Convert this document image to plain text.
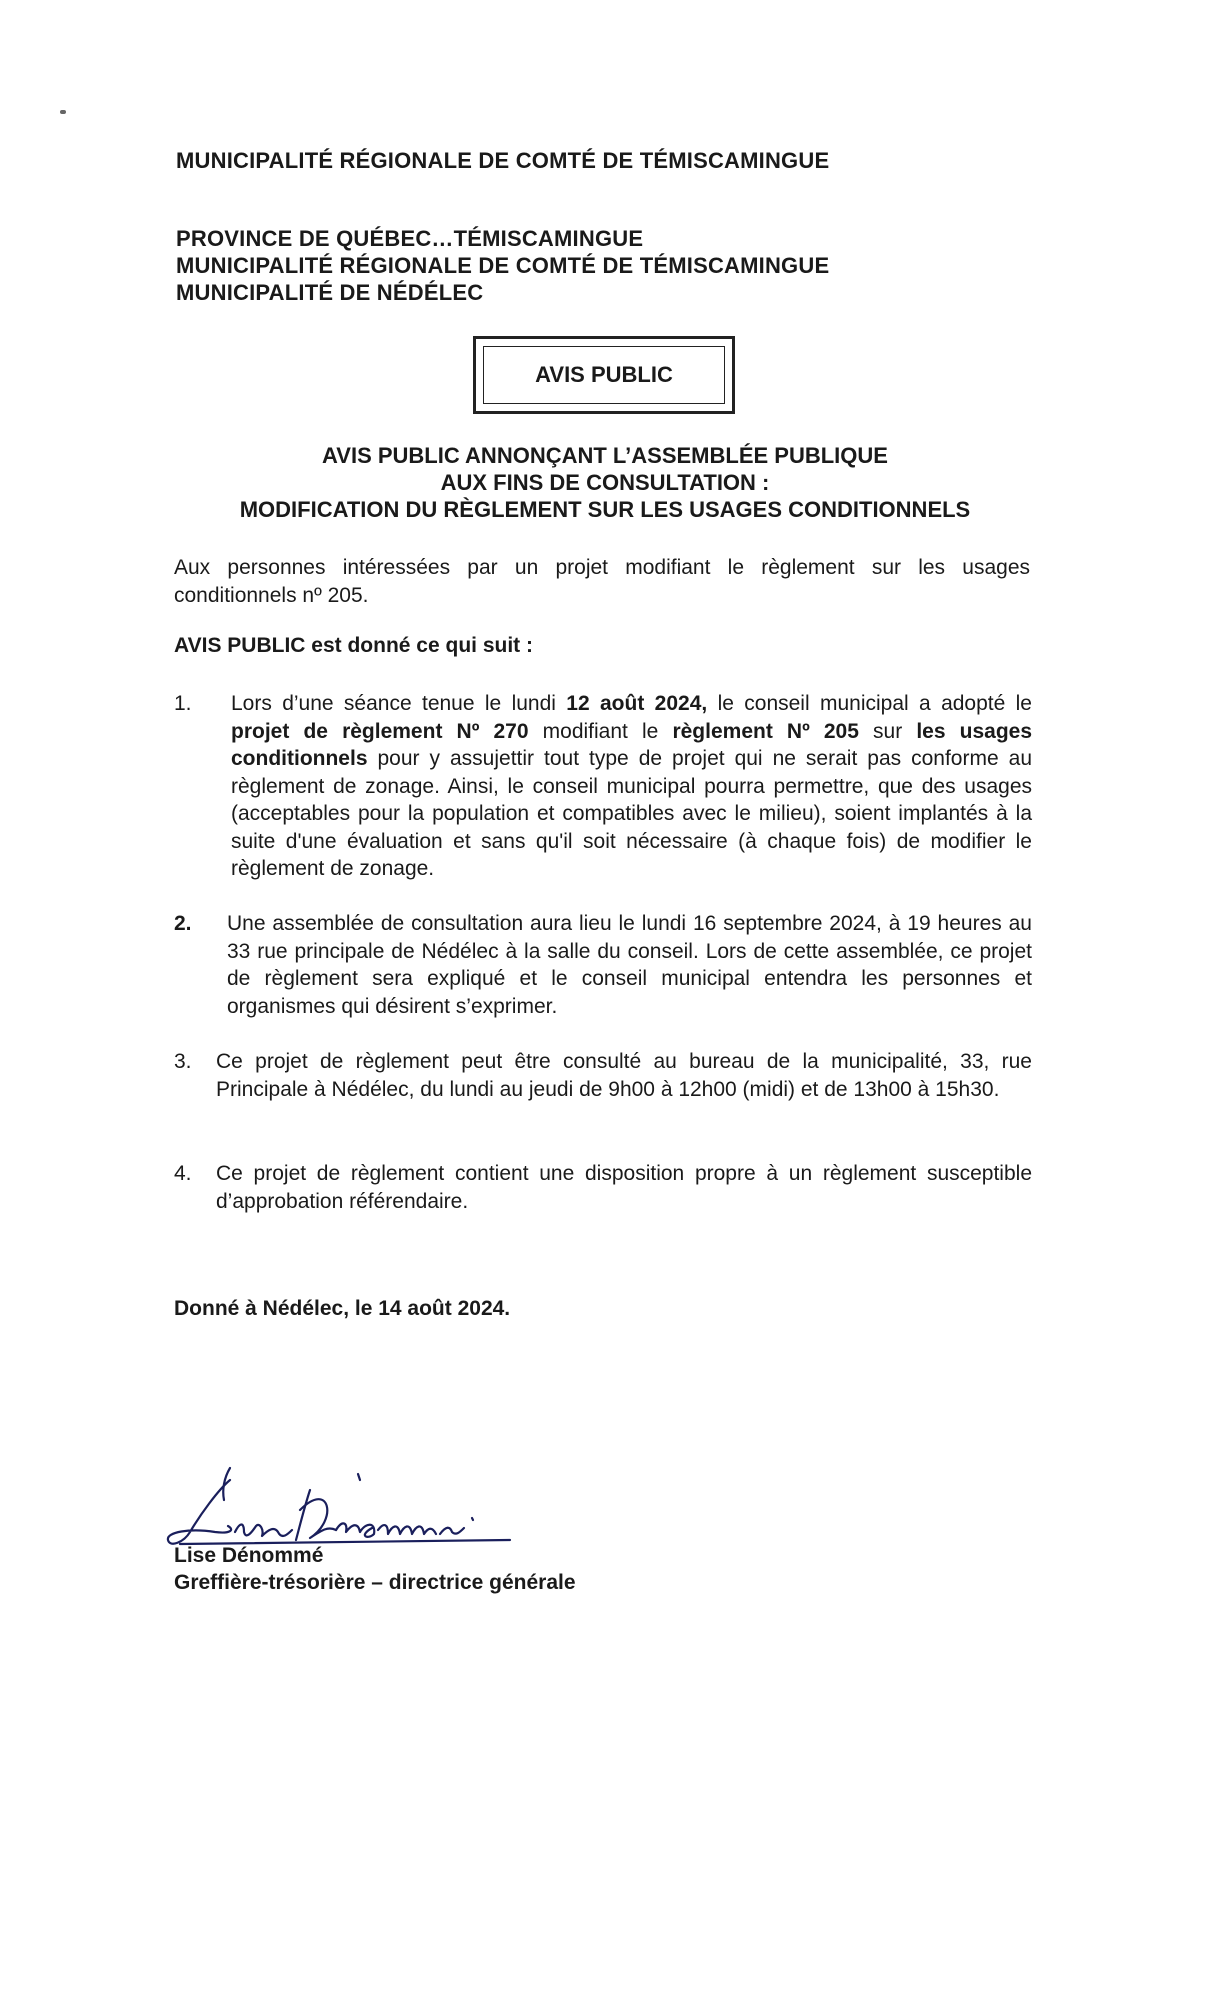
MUNICIPALITÉ RÉGIONALE DE COMTÉ DE TÉMISCAMINGUE
PROVINCE DE QUÉBEC…TÉMISCAMINGUE
MUNICIPALITÉ RÉGIONALE DE COMTÉ DE TÉMISCAMINGUE
MUNICIPALITÉ DE NÉDÉLEC
AVIS PUBLIC
AVIS PUBLIC ANNONÇANT L’ASSEMBLÉE PUBLIQUE
AUX FINS DE CONSULTATION :
MODIFICATION DU RÈGLEMENT SUR LES USAGES CONDITIONNELS
Aux personnes intéressées par un projet modifiant le règlement sur les usages conditionnels nº 205.
AVIS PUBLIC est donné ce qui suit :
1. Lors d’une séance tenue le lundi 12 août 2024, le conseil municipal a adopté le projet de règlement Nº 270 modifiant le règlement Nº 205 sur les usages conditionnels pour y assujettir tout type de projet qui ne serait pas conforme au règlement de zonage. Ainsi, le conseil municipal pourra permettre, que des usages (acceptables pour la population et compatibles avec le milieu), soient implantés à la suite d'une évaluation et sans qu'il soit nécessaire (à chaque fois) de modifier le règlement de zonage.
2. Une assemblée de consultation aura lieu le lundi 16 septembre 2024, à 19 heures au 33 rue principale de Nédélec à la salle du conseil. Lors de cette assemblée, ce projet de règlement sera expliqué et le conseil municipal entendra les personnes et organismes qui désirent s’exprimer.
3. Ce projet de règlement peut être consulté au bureau de la municipalité, 33, rue Principale à Nédélec, du lundi au jeudi de 9h00 à 12h00 (midi) et de 13h00 à 15h30.
4. Ce projet de règlement contient une disposition propre à un règlement susceptible d’approbation référendaire.
Donné à Nédélec, le 14 août 2024.
Lise Dénommé
Greffière-trésorière – directrice générale
